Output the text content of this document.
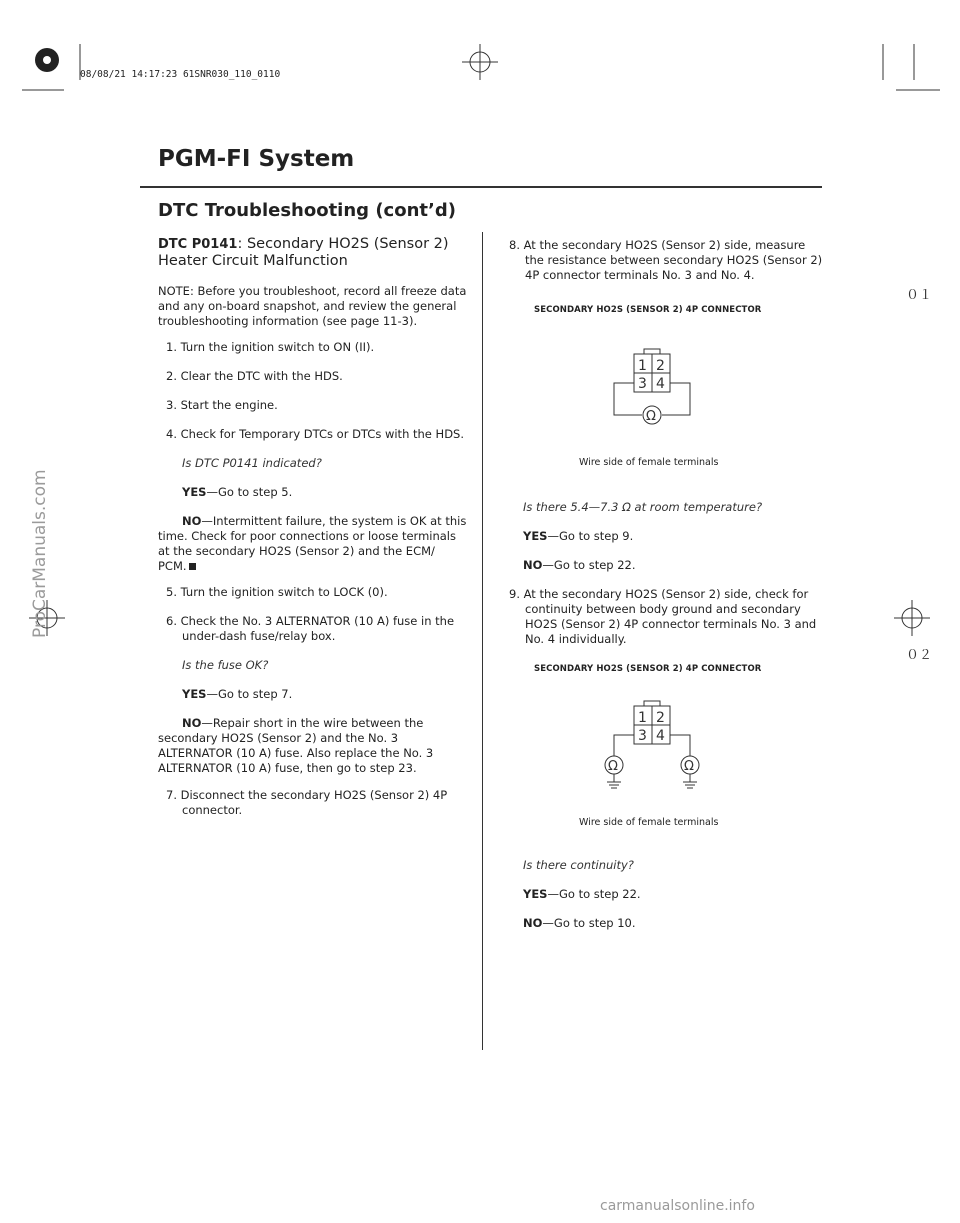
08/08/21 14:17:23 61SNR030_110_0110
０１
０２
PGM-FI System
DTC Troubleshooting (cont’d)
DTC P0141: Secondary HO2S (Sensor 2)
Heater Circuit Malfunction
NOTE: Before you troubleshoot, record all freeze data
and any on-board snapshot, and review the general
troubleshooting information (see page 11-3).
1. Turn the ignition switch to ON (II).
2. Clear the DTC with the HDS.
3. Start the engine.
4. Check for Temporary DTCs or DTCs with the HDS.
Is DTC P0141 indicated?
YES—Go to step 5.
NO—Intermittent failure, the system is OK at this
time. Check for poor connections or loose terminals
at the secondary HO2S (Sensor 2) and the ECM/
PCM.
5. Turn the ignition switch to LOCK (0).
6. Check the No. 3 ALTERNATOR (10 A) fuse in the
under-dash fuse/relay box.
Is the fuse OK?
YES—Go to step 7.
NO—Repair short in the wire between the
secondary HO2S (Sensor 2) and the No. 3
ALTERNATOR (10 A) fuse. Also replace the No. 3
ALTERNATOR (10 A) fuse, then go to step 23.
7. Disconnect the secondary HO2S (Sensor 2) 4P
connector.
8. At the secondary HO2S (Sensor 2) side, measure
the resistance between secondary HO2S (Sensor 2)
4P connector terminals No. 3 and No. 4.
SECONDARY HO2S (SENSOR 2) 4P CONNECTOR
1 2
3 4
Ω
Wire side of female terminals
Is there 5.4—7.3 Ω at room temperature?
YES—Go to step 9.
NO—Go to step 22.
9. At the secondary HO2S (Sensor 2) side, check for
continuity between body ground and secondary
HO2S (Sensor 2) 4P connector terminals No. 3 and
No. 4 individually.
SECONDARY HO2S (SENSOR 2) 4P CONNECTOR
1 2
3 4
Ω	Ω
Wire side of female terminals
Is there continuity?
YES—Go to step 22.
NO—Go to step 10.
ProCarManuals.com
carmanualsonline.info
